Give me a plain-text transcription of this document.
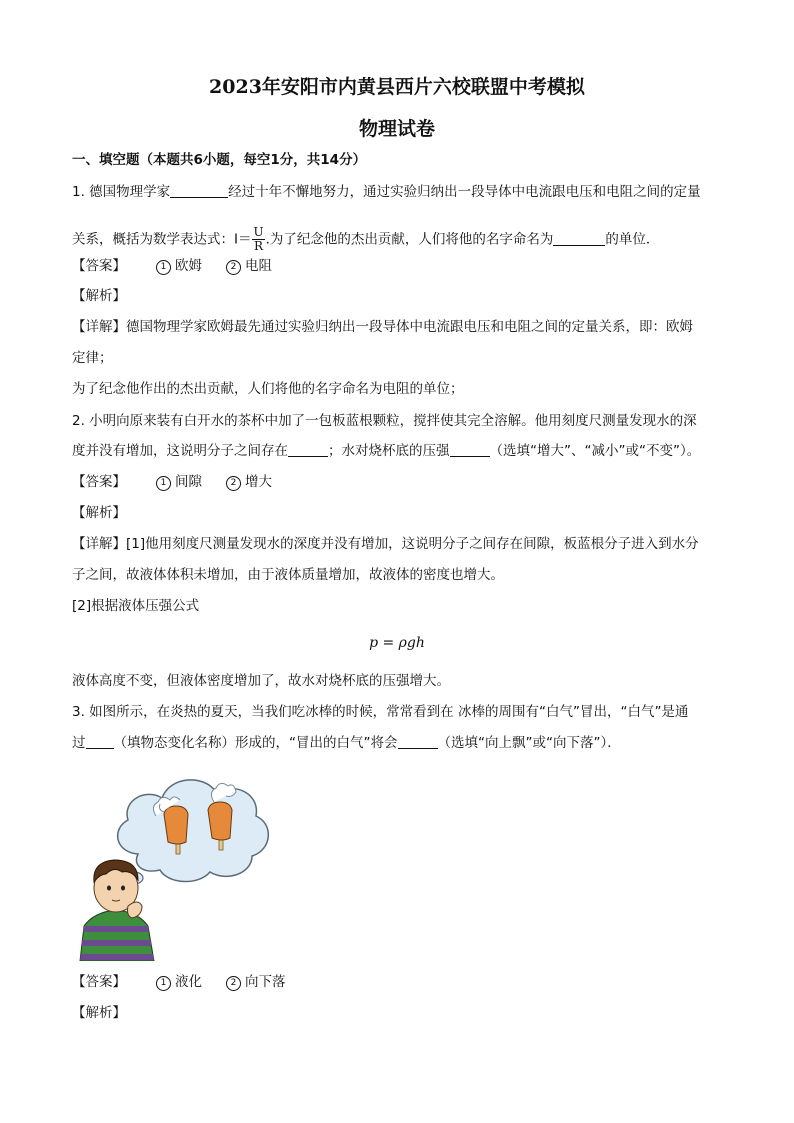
2023年安阳市内黄县西片六校联盟中考模拟
物理试卷
一、填空题（本题共6小题，每空1分，共14分）
1. 德国物理学家	经过十年不懈地努力，通过实验归纳出一段导体中电流跟电压和电阻之间的定量
关系，概括为数学表达式：$I= \frac{U}{R}$ .为了纪念他的杰出贡献，人们将他的名字命名为	的单位．
【答案】	1 欧姆	2 电阻
【解析】
【详解】德国物理学家欧姆最先通过实验归纳出一段导体中电流跟电压和电阻之间的定量关系，即：欧姆
定律；
为了纪念他作出的杰出贡献，人们将他的名字命名为电阻的单位；
2. 小明向原来装有白开水的茶杯中加了一包板蓝根颗粒，搅拌使其完全溶解。他用刻度尺测量发现水的深
度并没有增加，这说明分子之间存在	；水对烧杯底的压强	（选填“增大”、“减小”或“不变”）。
【答案】	1 间隙	2 增大
【解析】
【详解】[1]他用刻度尺测量发现水的深度并没有增加，这说明分子之间存在间隙，板蓝根分子进入到水分
子之间，故液体体积未增加，由于液体质量增加，故液体的密度也增大。
[2]根据液体压强公式
p = ρgh
液体高度不变，但液体密度增加了，故水对烧杯底的压强增大。
3. 如图所示，在炎热的夏天，当我们吃冰棒的时候，常常看到在 冰棒的周围有“白气”冒出，“白气”是通
过 （填物态变化名称）形成的，“冒出的白气”将会	（选填“向上飘”或“向下落”）．
【答案】	1 液化	2 向下落
【解析】
